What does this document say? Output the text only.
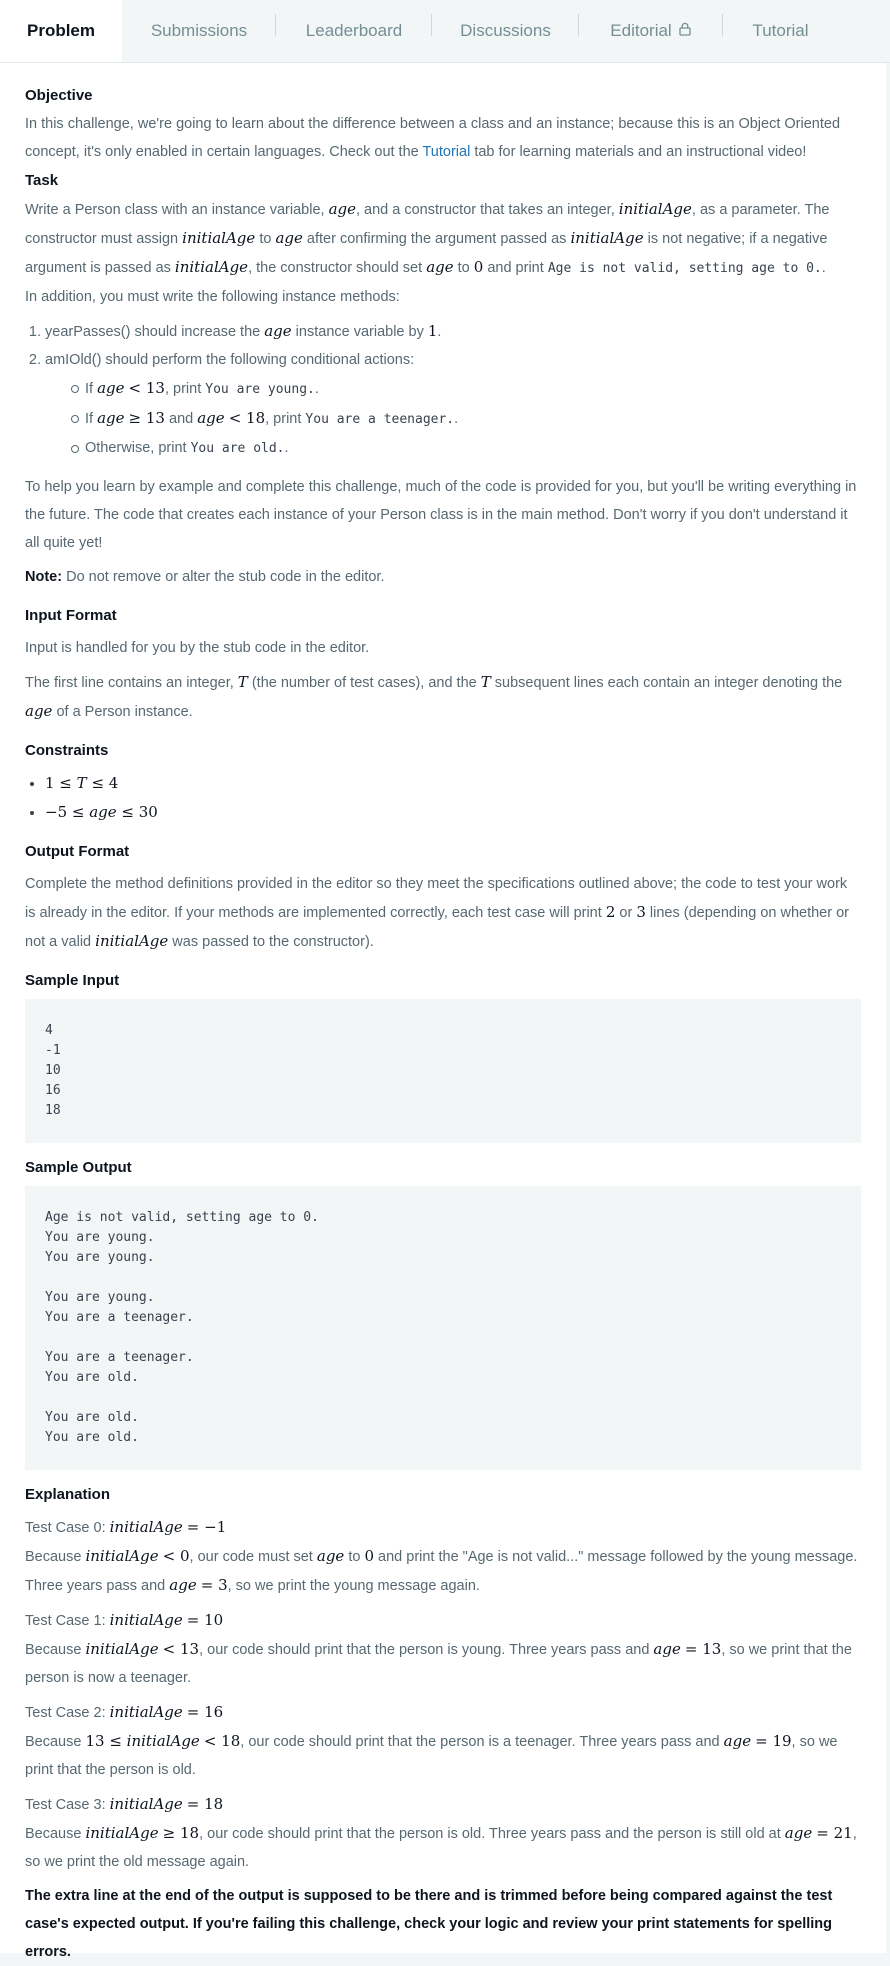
Problem	Submissions	Leaderboard	Discussions	Editorial	Tutorial
Objective

In this challenge, we're going to learn about the difference between a class and an instance; because this is an Object Oriented concept, it's only enabled in certain languages. Check out the Tutorial tab for learning materials and an instructional video!

Task

Write a Person class with an instance variable, age, and a constructor that takes an integer, initialAge, as a parameter. The constructor must assign initialAge to age after confirming the argument passed as initialAge is not negative; if a negative argument is passed as initialAge, the constructor should set age to 0 and print Age is not valid, setting age to 0..
In addition, you must write the following instance methods:

1. yearPasses() should increase the age instance variable by 1.
2. amIOld() should perform the following conditional actions:
If age < 13, print You are young..
If age ≥ 13 and age < 18, print You are a teenager..
Otherwise, print You are old..

To help you learn by example and complete this challenge, much of the code is provided for you, but you'll be writing everything in the future. The code that creates each instance of your Person class is in the main method. Don't worry if you don't understand it all quite yet!

Note: Do not remove or alter the stub code in the editor.

Input Format

Input is handled for you by the stub code in the editor.

The first line contains an integer, T (the number of test cases), and the T subsequent lines each contain an integer denoting the age of a Person instance.

Constraints
• 1 ≤ T ≤ 4
• −5 ≤ age ≤ 30
Output Format

Complete the method definitions provided in the editor so they meet the specifications outlined above; the code to test your work is already in the editor. If your methods are implemented correctly, each test case will print 2 or 3 lines (depending on whether or not a valid initialAge was passed to the constructor).

Sample Input
4
-1
10
16
18
Sample Output
Age is not valid, setting age to 0.
You are young.
You are young.

You are young.
You are a teenager.

You are a teenager.
You are old.

You are old.
You are old.
Explanation

Test Case 0: initialAge = −1

Because initialAge < 0, our code must set age to 0 and print the "Age is not valid..." message followed by the young message. Three years pass and age = 3, so we print the young message again.

Test Case 1: initialAge = 10

Because initialAge < 13, our code should print that the person is young. Three years pass and age = 13, so we print that the person is now a teenager.

Test Case 2: initialAge = 16

Because 13 ≤ initialAge < 18, our code should print that the person is a teenager. Three years pass and age = 19, so we print that the person is old.

Test Case 3: initialAge = 18

Because initialAge ≥ 18, our code should print that the person is old. Three years pass and the person is still old at age = 21, so we print the old message again.

The extra line at the end of the output is supposed to be there and is trimmed before being compared against the test case's expected output. If you're failing this challenge, check your logic and review your print statements for spelling errors.
